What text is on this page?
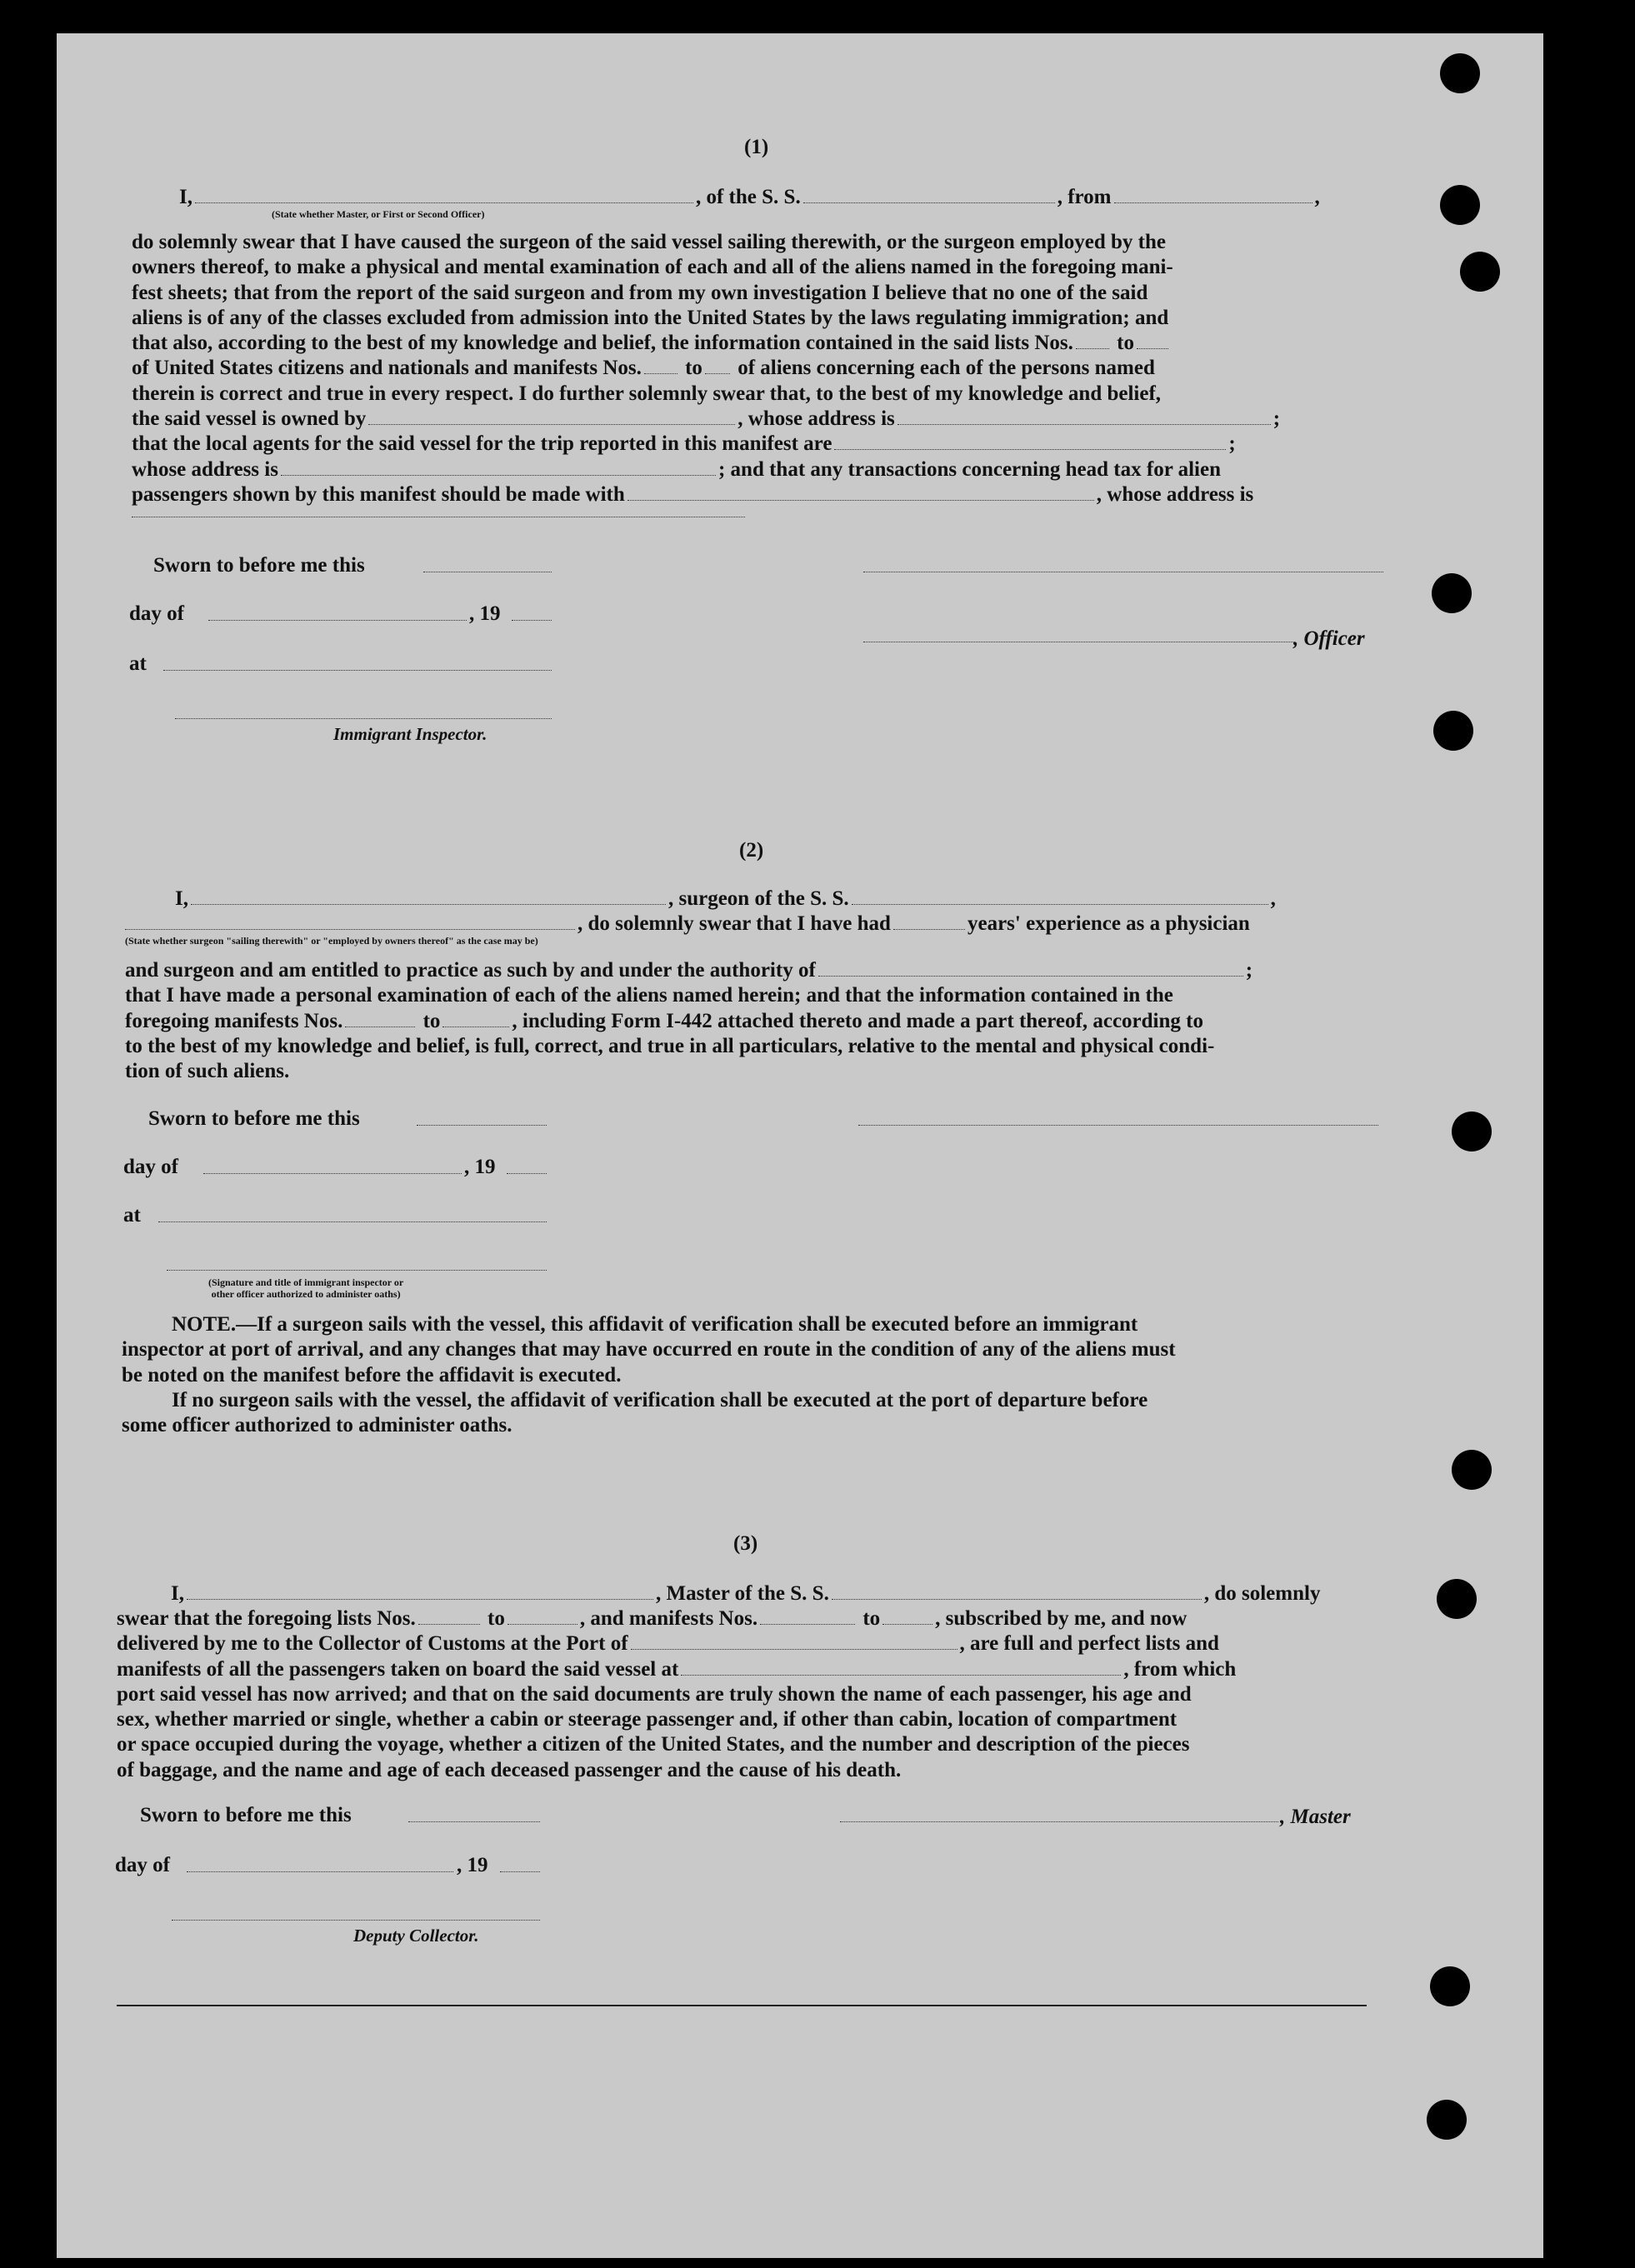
(1)
I,	, of the S. S.	, from	,
(State whether Master, or First or Second Officer)
do solemnly swear that I have caused the surgeon of the said vessel sailing therewith, or the surgeon employed by the
owners thereof, to make a physical and mental examination of each and all of the aliens named in the foregoing mani-
fest sheets; that from the report of the said surgeon and from my own investigation I believe that no one of the said
aliens is of any of the classes excluded from admission into the United States by the laws regulating immigration; and
that also, according to the best of my knowledge and belief, the information contained in the said lists Nos. to
of United States citizens and nationals and manifests Nos. to of aliens concerning each of the persons named
therein is correct and true in every respect. I do further solemnly swear that, to the best of my knowledge and belief,
the said vessel is owned by	, whose address is	;
that the local agents for the said vessel for the trip reported in this manifest are	;
whose address is	; and that any transactions concerning head tax for alien
passengers shown by this manifest should be made with	, whose address is
Sworn to before me this
day of	, 19
, Officer
at
Immigrant Inspector.
(2)
I,	, surgeon of the S. S.	,
, do solemnly swear that I have had	years' experience as a physician
(State whether surgeon "sailing therewith" or "employed by owners thereof" as the case may be)
and surgeon and am entitled to practice as such by and under the authority of	;
that I have made a personal examination of each of the aliens named herein; and that the information contained in the
foregoing manifests Nos.	to	, including Form I-442 attached thereto and made a part thereof, according to
to the best of my knowledge and belief, is full, correct, and true in all particulars, relative to the mental and physical condi-
tion of such aliens.
Sworn to before me this
day of	, 19
at
(Signature and title of immigrant inspector or
other officer authorized to administer oaths)
NOTE.—If a surgeon sails with the vessel, this affidavit of verification shall be executed before an immigrant
inspector at port of arrival, and any changes that may have occurred en route in the condition of any of the aliens must
be noted on the manifest before the affidavit is executed.
If no surgeon sails with the vessel, the affidavit of verification shall be executed at the port of departure before
some officer authorized to administer oaths.
(3)
I,	, Master of the S. S.	, do solemnly
swear that the foregoing lists Nos.	to	, and manifests Nos.	to	, subscribed by me, and now
delivered by me to the Collector of Customs at the Port of	, are full and perfect lists and
manifests of all the passengers taken on board the said vessel at	, from which
port said vessel has now arrived; and that on the said documents are truly shown the name of each passenger, his age and
sex, whether married or single, whether a cabin or steerage passenger and, if other than cabin, location of compartment
or space occupied during the voyage, whether a citizen of the United States, and the number and description of the pieces
of baggage, and the name and age of each deceased passenger and the cause of his death.
Sworn to before me this	, Master
day of	, 19
Deputy Collector.
